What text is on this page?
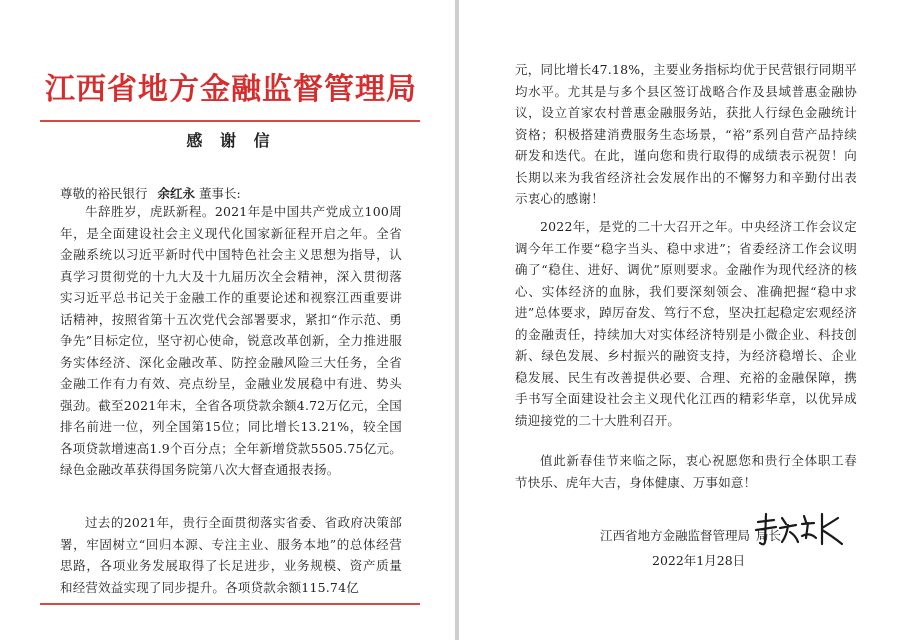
江西省地方金融监督管理局
感 谢 信
尊敬的裕民银行 余红永 董事长:

牛辞胜岁，虎跃新程。2021年是中国共产党成立100周年，是全面建设社会主义现代化国家新征程开启之年。全省金融系统以习近平新时代中国特色社会主义思想为指导，认真学习贯彻党的十九大及十九届历次全会精神，深入贯彻落实习近平总书记关于金融工作的重要论述和视察江西重要讲话精神，按照省第十五次党代会部署要求，紧扣“作示范、勇争先”目标定位，坚守初心使命，锐意改革创新，全力推进服务实体经济、深化金融改革、防控金融风险三大任务，全省金融工作有力有效、亮点纷呈，金融业发展稳中有进、势头强劲。截至2021年末，全省各项贷款余额4.72万亿元，全国排名前进一位，列全国第15位；同比增长13.21%，较全国各项贷款增速高1.9个百分点；全年新增贷款5505.75亿元。绿色金融改革获得国务院第八次大督查通报表扬。

过去的2021年，贵行全面贯彻落实省委、省政府决策部署，牢固树立“回归本源、专注主业、服务本地”的总体经营思路，各项业务发展取得了长足进步，业务规模、资产质量和经营效益实现了同步提升。各项贷款余额115.74亿

元，同比增长47.18%，主要业务指标均优于民营银行同期平均水平。尤其是与多个县区签订战略合作及县域普惠金融协议，设立首家农村普惠金融服务站，获批人行绿色金融统计资格；积极搭建消费服务生态场景，“裕”系列自营产品持续研发和迭代。在此，谨向您和贵行取得的成绩表示祝贺！向长期以来为我省经济社会发展作出的不懈努力和辛勤付出表示衷心的感谢！

2022年，是党的二十大召开之年。中央经济工作会议定调今年工作要“稳字当头、稳中求进”；省委经济工作会议明确了“稳住、进好、调优”原则要求。金融作为现代经济的核心、实体经济的血脉，我们要深刻领会、准确把握“稳中求进”总体要求，踔厉奋发、笃行不怠，坚决扛起稳定宏观经济的金融责任，持续加大对实体经济特别是小微企业、科技创新、绿色发展、乡村振兴的融资支持，为经济稳增长、企业稳发展、民生有改善提供必要、合理、充裕的金融保障，携手书写全面建设社会主义现代化江西的精彩华章，以优异成绩迎接党的二十大胜利召开。

值此新春佳节来临之际，衷心祝愿您和贵行全体职工春节快乐、虎年大吉，身体健康、万事如意！

江西省地方金融监督管理局 局长
2022年1月28日
